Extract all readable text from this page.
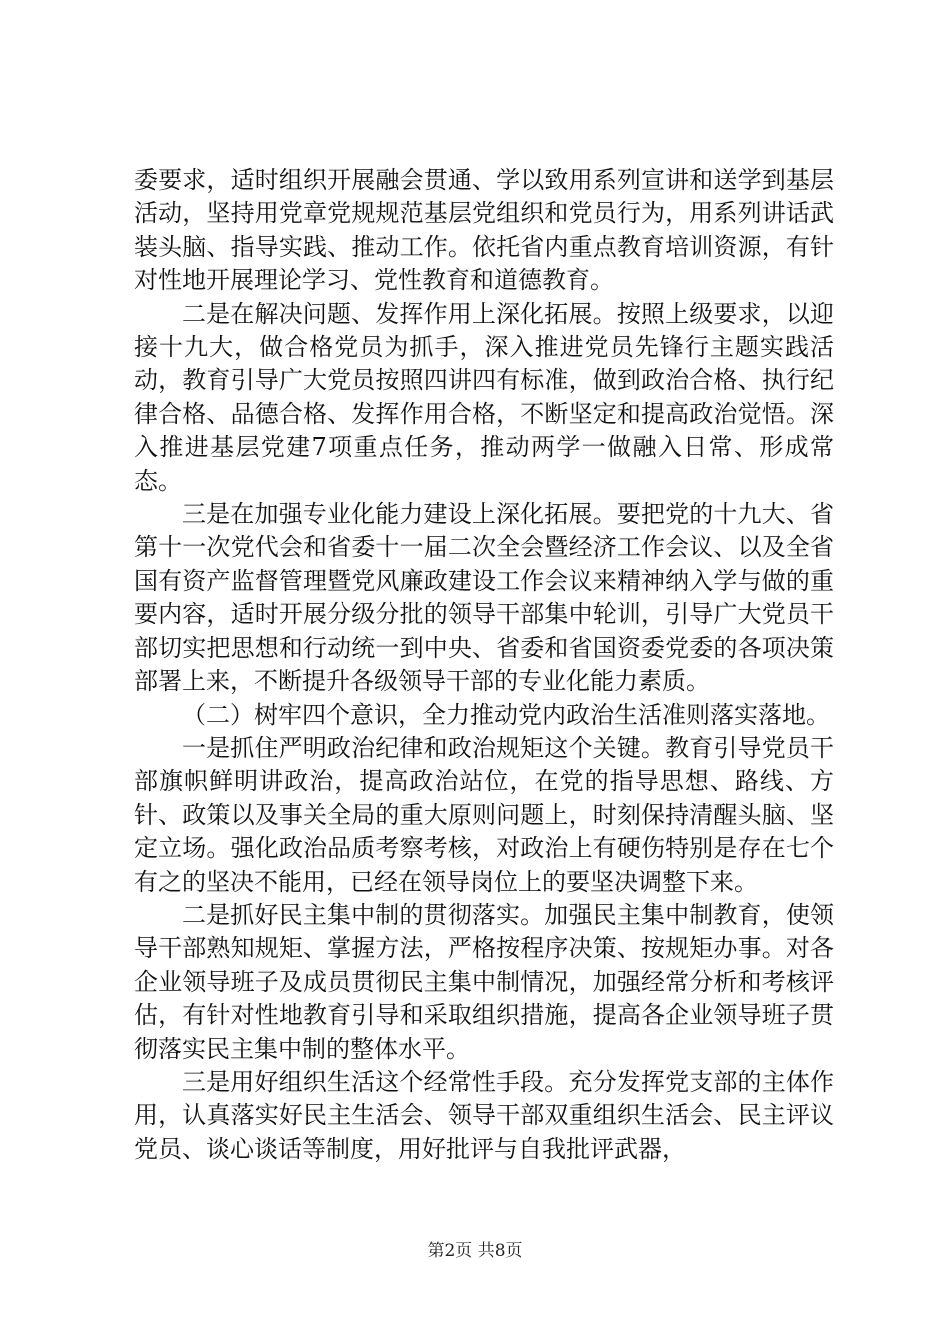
委要求，适时组织开展融会贯通、学以致用系列宣讲和送学到基层活动，坚持用党章党规规范基层党组织和党员行为，用系列讲话武装头脑、指导实践、推动工作。依托省内重点教育培训资源，有针对性地开展理论学习、党性教育和道德教育。

二是在解决问题、发挥作用上深化拓展。按照上级要求，以迎接十九大，做合格党员为抓手，深入推进党员先锋行主题实践活动，教育引导广大党员按照四讲四有标准，做到政治合格、执行纪律合格、品德合格、发挥作用合格，不断坚定和提高政治觉悟。深入推进基层党建7项重点任务，推动两学一做融入日常、形成常态。

三是在加强专业化能力建设上深化拓展。要把党的十九大、省第十一次党代会和省委十一届二次全会暨经济工作会议、以及全省国有资产监督管理暨党风廉政建设工作会议来精神纳入学与做的重要内容，适时开展分级分批的领导干部集中轮训，引导广大党员干部切实把思想和行动统一到中央、省委和省国资委党委的各项决策部署上来，不断提升各级领导干部的专业化能力素质。

（二）树牢四个意识，全力推动党内政治生活准则落实落地。

一是抓住严明政治纪律和政治规矩这个关键。教育引导党员干部旗帜鲜明讲政治，提高政治站位，在党的指导思想、路线、方针、政策以及事关全局的重大原则问题上，时刻保持清醒头脑、坚定立场。强化政治品质考察考核，对政治上有硬伤特别是存在七个有之的坚决不能用，已经在领导岗位上的要坚决调整下来。

二是抓好民主集中制的贯彻落实。加强民主集中制教育，使领导干部熟知规矩、掌握方法，严格按程序决策、按规矩办事。对各企业领导班子及成员贯彻民主集中制情况，加强经常分析和考核评估，有针对性地教育引导和采取组织措施，提高各企业领导班子贯彻落实民主集中制的整体水平。

三是用好组织生活这个经常性手段。充分发挥党支部的主体作用，认真落实好民主生活会、领导干部双重组织生活会、民主评议党员、谈心谈话等制度，用好批评与自我批评武器，

第2页 共8页
